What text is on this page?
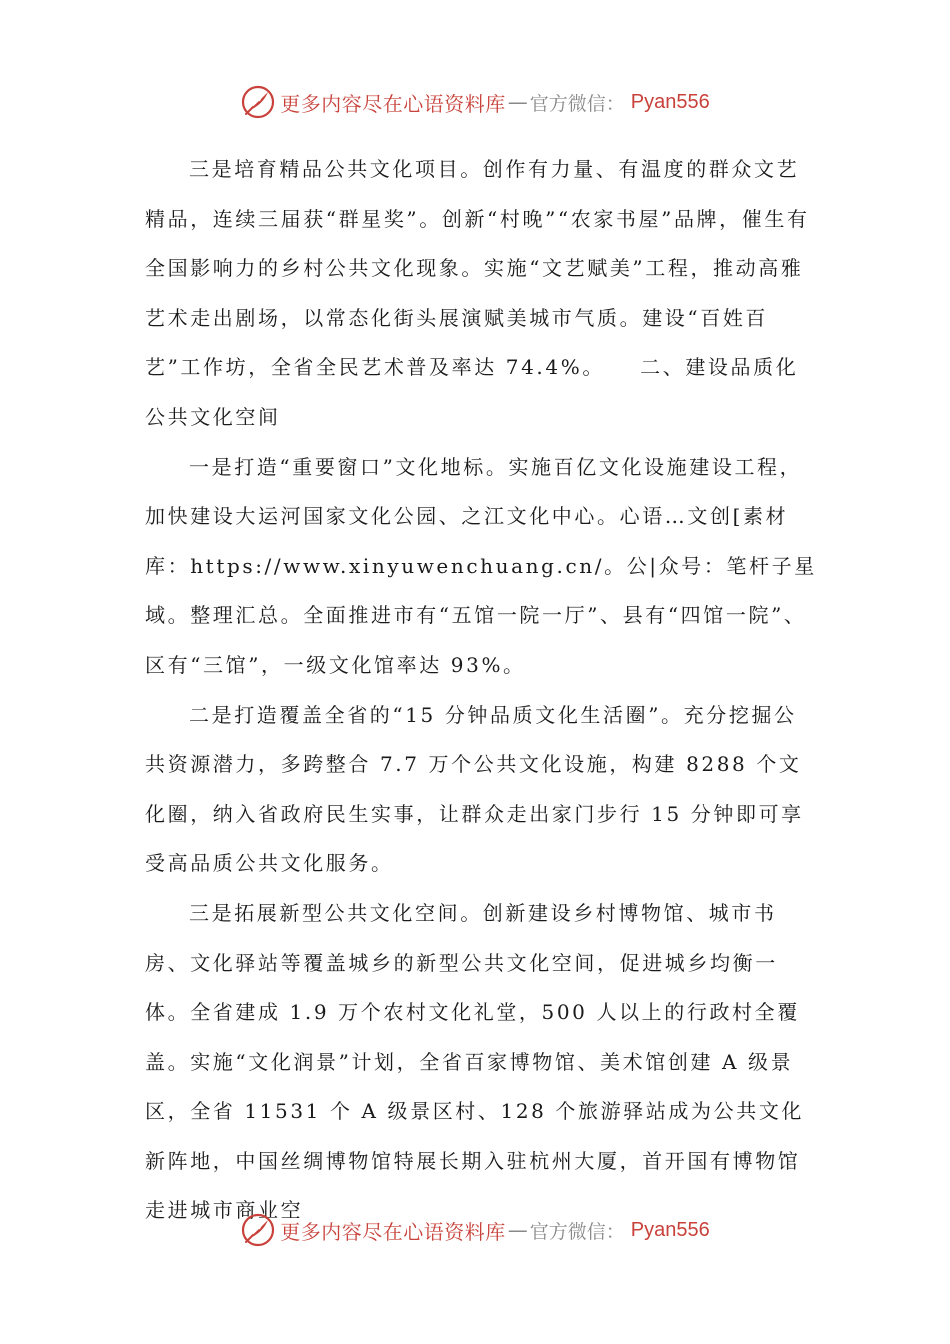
更多内容尽在心语资料库 — 官方微信： Pyan556

三是培育精品公共文化项目。创作有力量、有温度的群众文艺精品，连续三届获“群星奖”。创新“村晚”“农家书屋”品牌，催生有全国影响力的乡村公共文化现象。实施“文艺赋美”工程，推动高雅艺术走出剧场，以常态化街头展演赋美城市气质。建设“百姓百艺”工作坊，全省全民艺术普及率达 74.4%。　　二、建设品质化公共文化空间

一是打造“重要窗口”文化地标。实施百亿文化设施建设工程，加快建设大运河国家文化公园、之江文化中心。心语…文创[素材库：https://www.xinyuwenchuang.cn/。公|众号：笔杆子星域。整理汇总。全面推进市有“五馆一院一厅”、县有“四馆一院”、区有“三馆”，一级文化馆率达 93%。

二是打造覆盖全省的“15 分钟品质文化生活圈”。充分挖掘公共资源潜力，多跨整合 7.7 万个公共文化设施，构建 8288 个文化圈，纳入省政府民生实事，让群众走出家门步行 15 分钟即可享受高品质公共文化服务。

三是拓展新型公共文化空间。创新建设乡村博物馆、城市书房、文化驿站等覆盖城乡的新型公共文化空间，促进城乡均衡一体。全省建成 1.9 万个农村文化礼堂，500 人以上的行政村全覆盖。实施“文化润景”计划，全省百家博物馆、美术馆创建 A 级景区，全省 11531 个 A 级景区村、128 个旅游驿站成为公共文化新阵地，中国丝绸博物馆特展长期入驻杭州大厦，首开国有博物馆走进城市商业空

更多内容尽在心语资料库 — 官方微信： Pyan556
